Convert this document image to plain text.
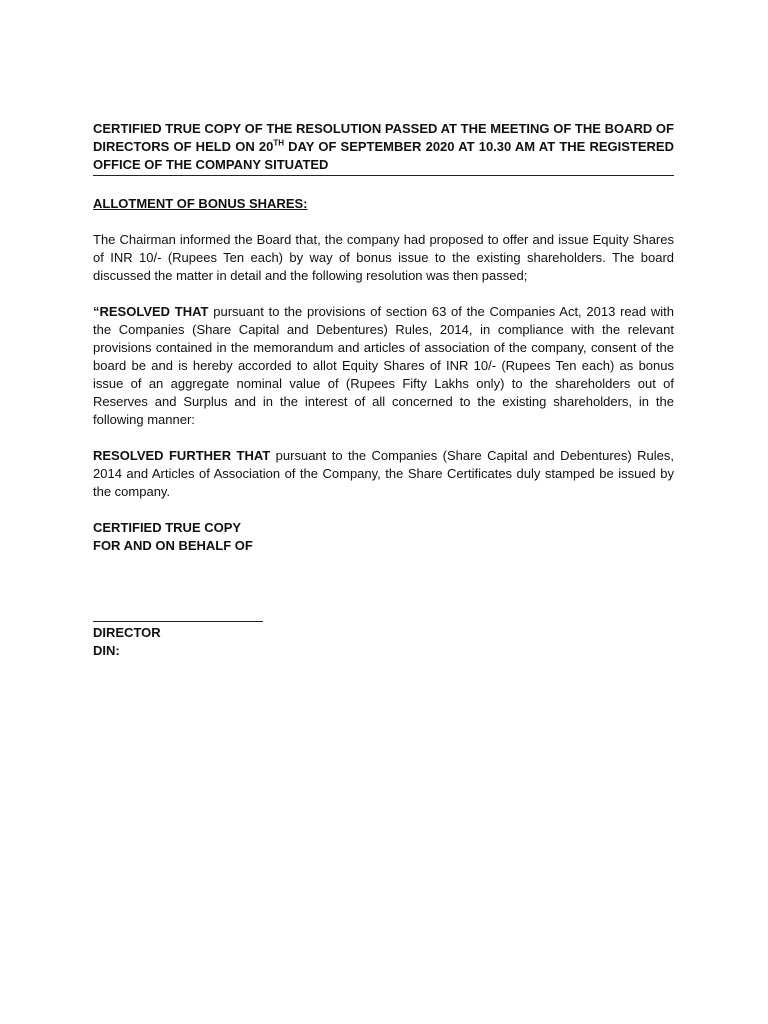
CERTIFIED TRUE COPY OF THE RESOLUTION PASSED AT THE MEETING OF THE BOARD OF DIRECTORS OF HELD ON 20TH DAY OF SEPTEMBER 2020 AT 10.30 AM AT THE REGISTERED OFFICE OF THE COMPANY SITUATED

ALLOTMENT OF BONUS SHARES:
The Chairman informed the Board that, the company had proposed to offer and issue Equity Shares of INR 10/- (Rupees Ten each) by way of bonus issue to the existing shareholders. The board discussed the matter in detail and the following resolution was then passed;
“RESOLVED THAT pursuant to the provisions of section 63 of the Companies Act, 2013 read with the Companies (Share Capital and Debentures) Rules, 2014, in compliance with the relevant provisions contained in the memorandum and articles of association of the company, consent of the board be and is hereby accorded to allot Equity Shares of INR 10/- (Rupees Ten each) as bonus issue of an aggregate nominal value of (Rupees Fifty Lakhs only) to the shareholders out of Reserves and Surplus and in the interest of all concerned to the existing shareholders, in the following manner:
RESOLVED FURTHER THAT pursuant to the Companies (Share Capital and Debentures) Rules, 2014 and Articles of Association of the Company, the Share Certificates duly stamped be issued by the company.
CERTIFIED TRUE COPY
FOR AND ON BEHALF OF
DIRECTOR
DIN:
